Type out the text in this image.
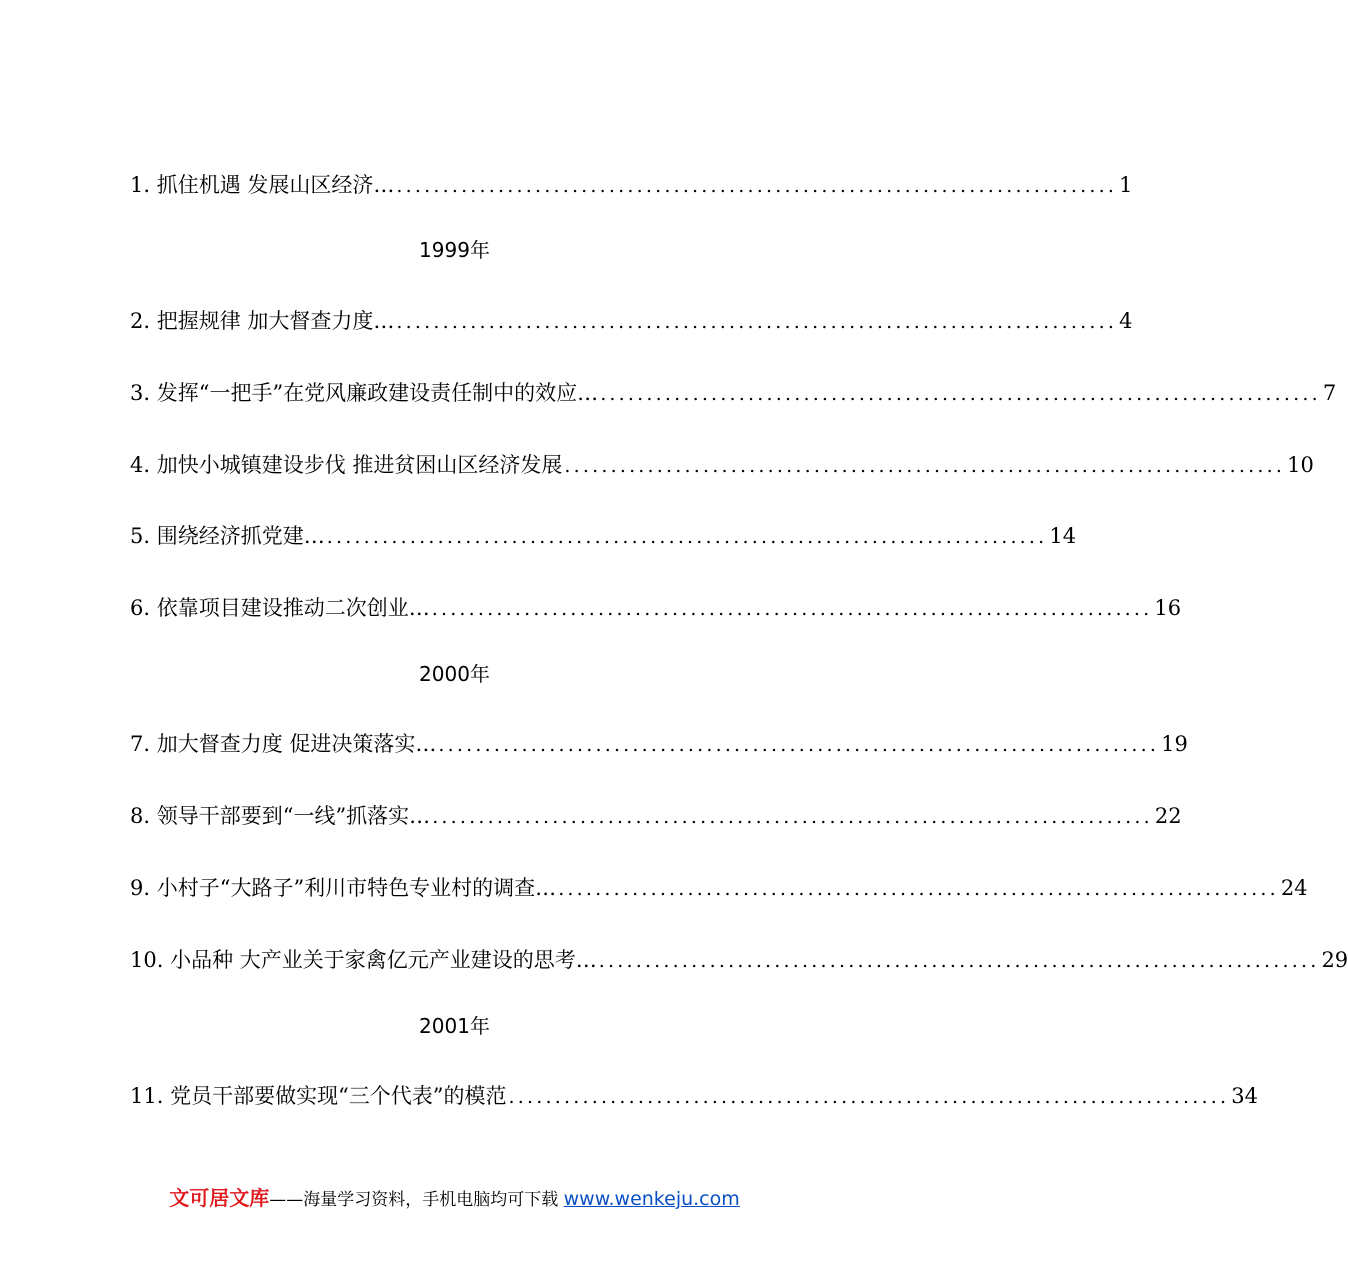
1. 抓住机遇 发展山区经济… .............................................................................. 1
1999年
2. 把握规律 加大督查力度… .............................................................................. 4
3. 发挥“一把手”在党风廉政建设责任制中的效应… .............................................................................. 7
4. 加快小城镇建设步伐 推进贫困山区经济发展 .............................................................................. 10
5. 围绕经济抓党建… .............................................................................. 14
6. 依靠项目建设推动二次创业… .............................................................................. 16
2000年
7. 加大督查力度 促进决策落实… .............................................................................. 19
8. 领导干部要到“一线”抓落实… .............................................................................. 22
9. 小村子“大路子”利川市特色专业村的调查… .............................................................................. 24
10. 小品种 大产业关于家禽亿元产业建设的思考… .............................................................................. 29
2001年
11. 党员干部要做实现“三个代表”的模范 .............................................................................. 34
文可居文库——海量学习资料，手机电脑均可下载 www.wenkeju.com
